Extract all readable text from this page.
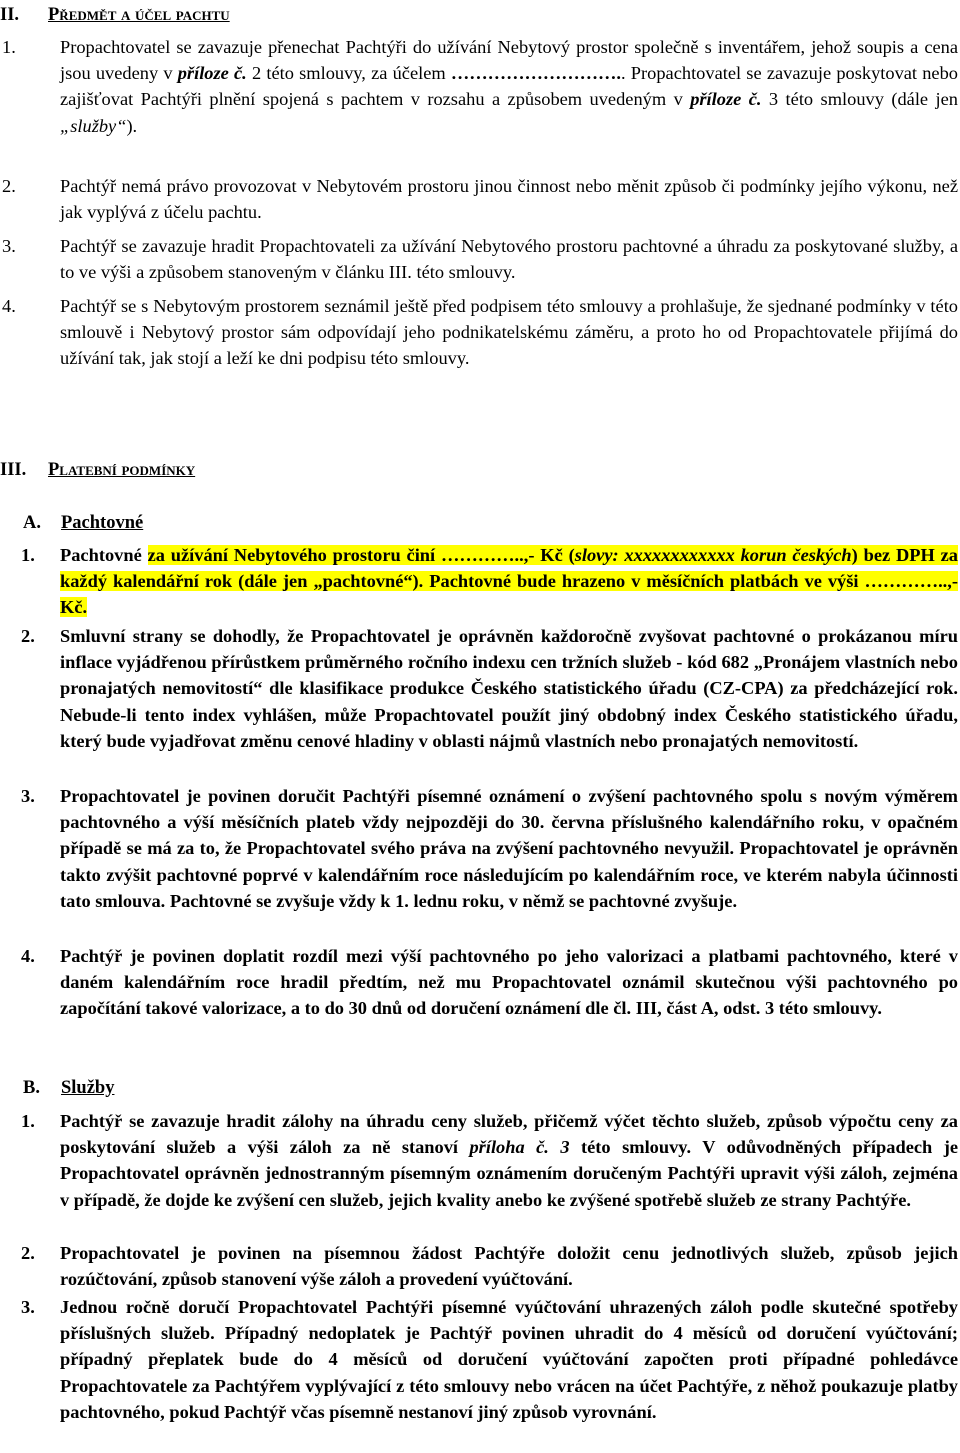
II. Předmět a účel pachtu
1. Propachtovatel se zavazuje přenechat Pachtýři do užívání Nebytový prostor společně s inventářem, jehož soupis a cena jsou uvedeny v příloze č. 2 této smlouvy, za účelem ……………………….. Propachtovatel se zavazuje poskytovat nebo zajišťovat Pachtýři plnění spojená s pachtem v rozsahu a způsobem uvedeným v příloze č. 3 této smlouvy (dále jen „služby“).
2. Pachtýř nemá právo provozovat v Nebytovém prostoru jinou činnost nebo měnit způsob či podmínky jejího výkonu, než jak vyplývá z účelu pachtu.
3. Pachtýř se zavazuje hradit Propachtovateli za užívání Nebytového prostoru pachtovné a úhradu za poskytované služby, a to ve výši a způsobem stanoveným v článku III. této smlouvy.
4. Pachtýř se s Nebytovým prostorem seznámil ještě před podpisem této smlouvy a prohlašuje, že sjednané podmínky v této smlouvě i Nebytový prostor sám odpovídají jeho podnikatelskému záměru, a proto ho od Propachtovatele přijímá do užívání tak, jak stojí a leží ke dni podpisu této smlouvy.
III. Platební podmínky
A. Pachtovné
1. Pachtovné za užívání Nebytového prostoru činí …………..,- Kč (slovy: xxxxxxxxxxxx korun českých) bez DPH za každý kalendářní rok (dále jen „pachtovné“). Pachtovné bude hrazeno v měsíčních platbách ve výši …………..,- Kč.
2. Smluvní strany se dohodly, že Propachtovatel je oprávněn každoročně zvyšovat pachtovné o prokázanou míru inflace vyjádřenou přírůstkem průměrného ročního indexu cen tržních služeb - kód 682 „Pronájem vlastních nebo pronajatých nemovitostí“ dle klasifikace produkce Českého statistického úřadu (CZ-CPA) za předcházející rok. Nebude-li tento index vyhlášen, může Propachtovatel použít jiný obdobný index Českého statistického úřadu, který bude vyjadřovat změnu cenové hladiny v oblasti nájmů vlastních nebo pronajatých nemovitostí.
3. Propachtovatel je povinen doručit Pachtýři písemné oznámení o zvýšení pachtovného spolu s novým výměrem pachtovného a výší měsíčních plateb vždy nejpozději do 30. června příslušného kalendářního roku, v opačném případě se má za to, že Propachtovatel svého práva na zvýšení pachtovného nevyužil. Propachtovatel je oprávněn takto zvýšit pachtovné poprvé v kalendářním roce následujícím po kalendářním roce, ve kterém nabyla účinnosti tato smlouva. Pachtovné se zvyšuje vždy k 1. lednu roku, v němž se pachtovné zvyšuje.
4. Pachtýř je povinen doplatit rozdíl mezi výší pachtovného po jeho valorizaci a platbami pachtovného, které v daném kalendářním roce hradil předtím, než mu Propachtovatel oznámil skutečnou výši pachtovného po započítání takové valorizace, a to do 30 dnů od doručení oznámení dle čl. III, část A, odst. 3 této smlouvy.
B. Služby
1. Pachtýř se zavazuje hradit zálohy na úhradu ceny služeb, přičemž výčet těchto služeb, způsob výpočtu ceny za poskytování služeb a výši záloh za ně stanoví příloha č. 3 této smlouvy. V odůvodněných případech je Propachtovatel oprávněn jednostranným písemným oznámením doručeným Pachtýři upravit výši záloh, zejména v případě, že dojde ke zvýšení cen služeb, jejich kvality anebo ke zvýšené spotřebě služeb ze strany Pachtýře.
2. Propachtovatel je povinen na písemnou žádost Pachtýře doložit cenu jednotlivých služeb, způsob jejich rozúčtování, způsob stanovení výše záloh a provedení vyúčtování.
3. Jednou ročně doručí Propachtovatel Pachtýři písemné vyúčtování uhrazených záloh podle skutečné spotřeby příslušných služeb. Případný nedoplatek je Pachtýř povinen uhradit do 4 měsíců od doručení vyúčtování; případný přeplatek bude do 4 měsíců od doručení vyúčtování započten proti případné pohledávce Propachtovatele za Pachtýřem vyplývající z této smlouvy nebo vrácen na účet Pachtýře, z něhož poukazuje platby pachtovného, pokud Pachtýř včas písemně nestanoví jiný způsob vyrovnání.
